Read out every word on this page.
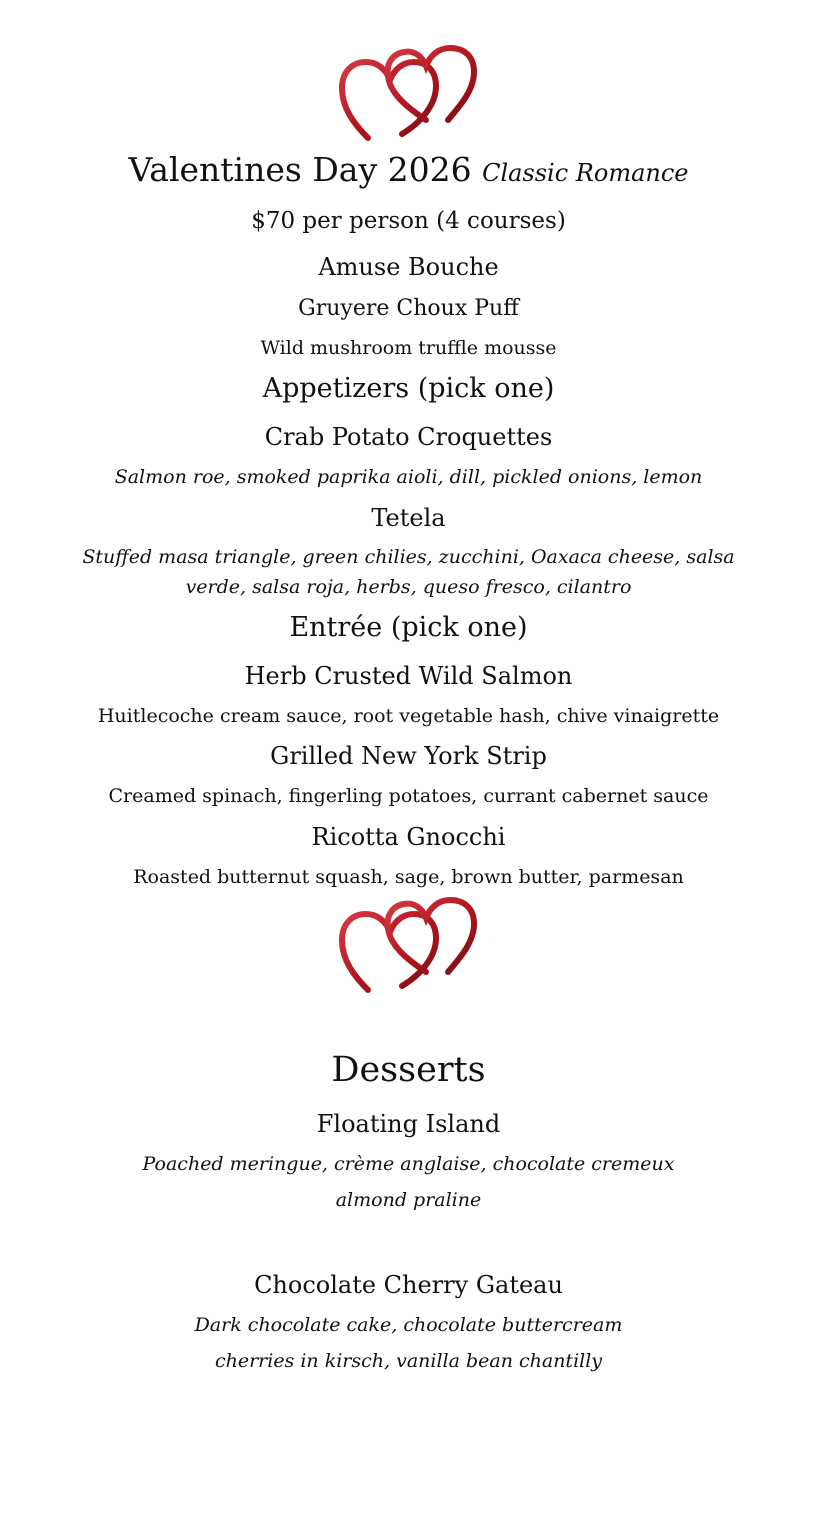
Valentines Day 2026 Classic Romance
$70 per person (4 courses)
Amuse Bouche
Gruyere Choux Puff
Wild mushroom truffle mousse
Appetizers (pick one)
Crab Potato Croquettes
Salmon roe, smoked paprika aioli, dill, pickled onions, lemon
Tetela
Stuffed masa triangle, green chilies, zucchini, Oaxaca cheese, salsa
verde, salsa roja, herbs, queso fresco, cilantro
Entrée (pick one)
Herb Crusted Wild Salmon
Huitlecoche cream sauce, root vegetable hash, chive vinaigrette
Grilled New York Strip
Creamed spinach, fingerling potatoes, currant cabernet sauce
Ricotta Gnocchi
Roasted butternut squash, sage, brown butter, parmesan
Desserts
Floating Island
Poached meringue, crème anglaise, chocolate cremeux
almond praline
Chocolate Cherry Gateau
Dark chocolate cake, chocolate buttercream
cherries in kirsch, vanilla bean chantilly
